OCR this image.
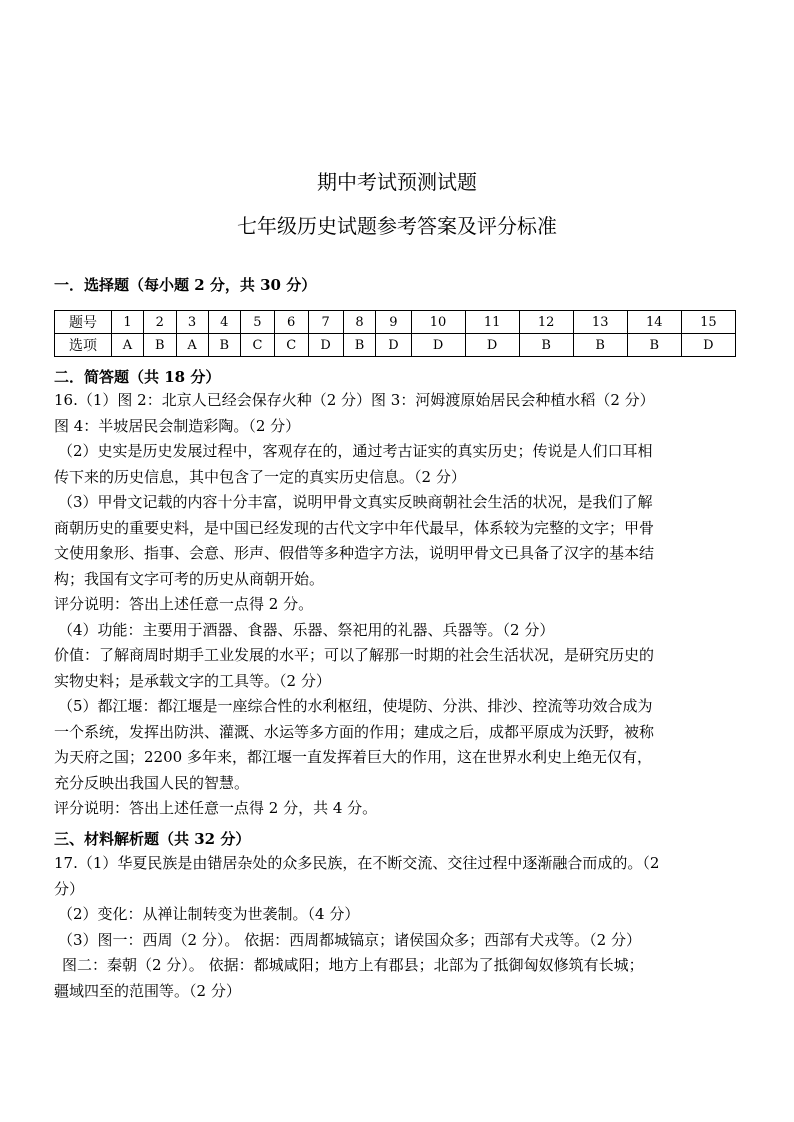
期中考试预测试题
七年级历史试题参考答案及评分标准
一．选择题（每小题 2 分，共 30 分）
题号	1	2	3	4	5	6	7	8	9	10	11	12	13	14	15
选项	A	B	A	B	C	C	D	B	D	D	D	B	B	B	D
二．简答题（共 18 分）

16.（1）图 2：北京人已经会保存火种（2 分）图 3：河姆渡原始居民会种植水稻（2 分）

图 4：半坡居民会制造彩陶。（2 分）

（2）史实是历史发展过程中，客观存在的，通过考古证实的真实历史；传说是人们口耳相

传下来的历史信息，其中包含了一定的真实历史信息。（2 分）

（3）甲骨文记载的内容十分丰富，说明甲骨文真实反映商朝社会生活的状况，是我们了解

商朝历史的重要史料，是中国已经发现的古代文字中年代最早，体系较为完整的文字；甲骨

文使用象形、指事、会意、形声、假借等多种造字方法，说明甲骨文已具备了汉字的基本结

构；我国有文字可考的历史从商朝开始。

评分说明：答出上述任意一点得 2 分。

（4）功能：主要用于酒器、食器、乐器、祭祀用的礼器、兵器等。（2 分）

价值：了解商周时期手工业发展的水平；可以了解那一时期的社会生活状况，是研究历史的

实物史料；是承载文字的工具等。（2 分）

（5）都江堰：都江堰是一座综合性的水利枢纽，使堤防、分洪、排沙、控流等功效合成为

一个系统，发挥出防洪、灌溉、水运等多方面的作用；建成之后，成都平原成为沃野，被称

为天府之国；2200 多年来，都江堰一直发挥着巨大的作用，这在世界水利史上绝无仅有，

充分反映出我国人民的智慧。

评分说明：答出上述任意一点得 2 分，共 4 分。

三、材料解析题（共 32 分）

17.（1）华夏民族是由错居杂处的众多民族，在不断交流、交往过程中逐渐融合而成的。（2

分）

（2）变化：从禅让制转变为世袭制。（4 分）

（3）图一：西周（2 分）。 依据：西周都城镐京；诸侯国众多；西部有犬戎等。（2 分）

图二：秦朝（2 分）。 依据：都城咸阳；地方上有郡县；北部为了抵御匈奴修筑有长城；

疆域四至的范围等。（2 分）
